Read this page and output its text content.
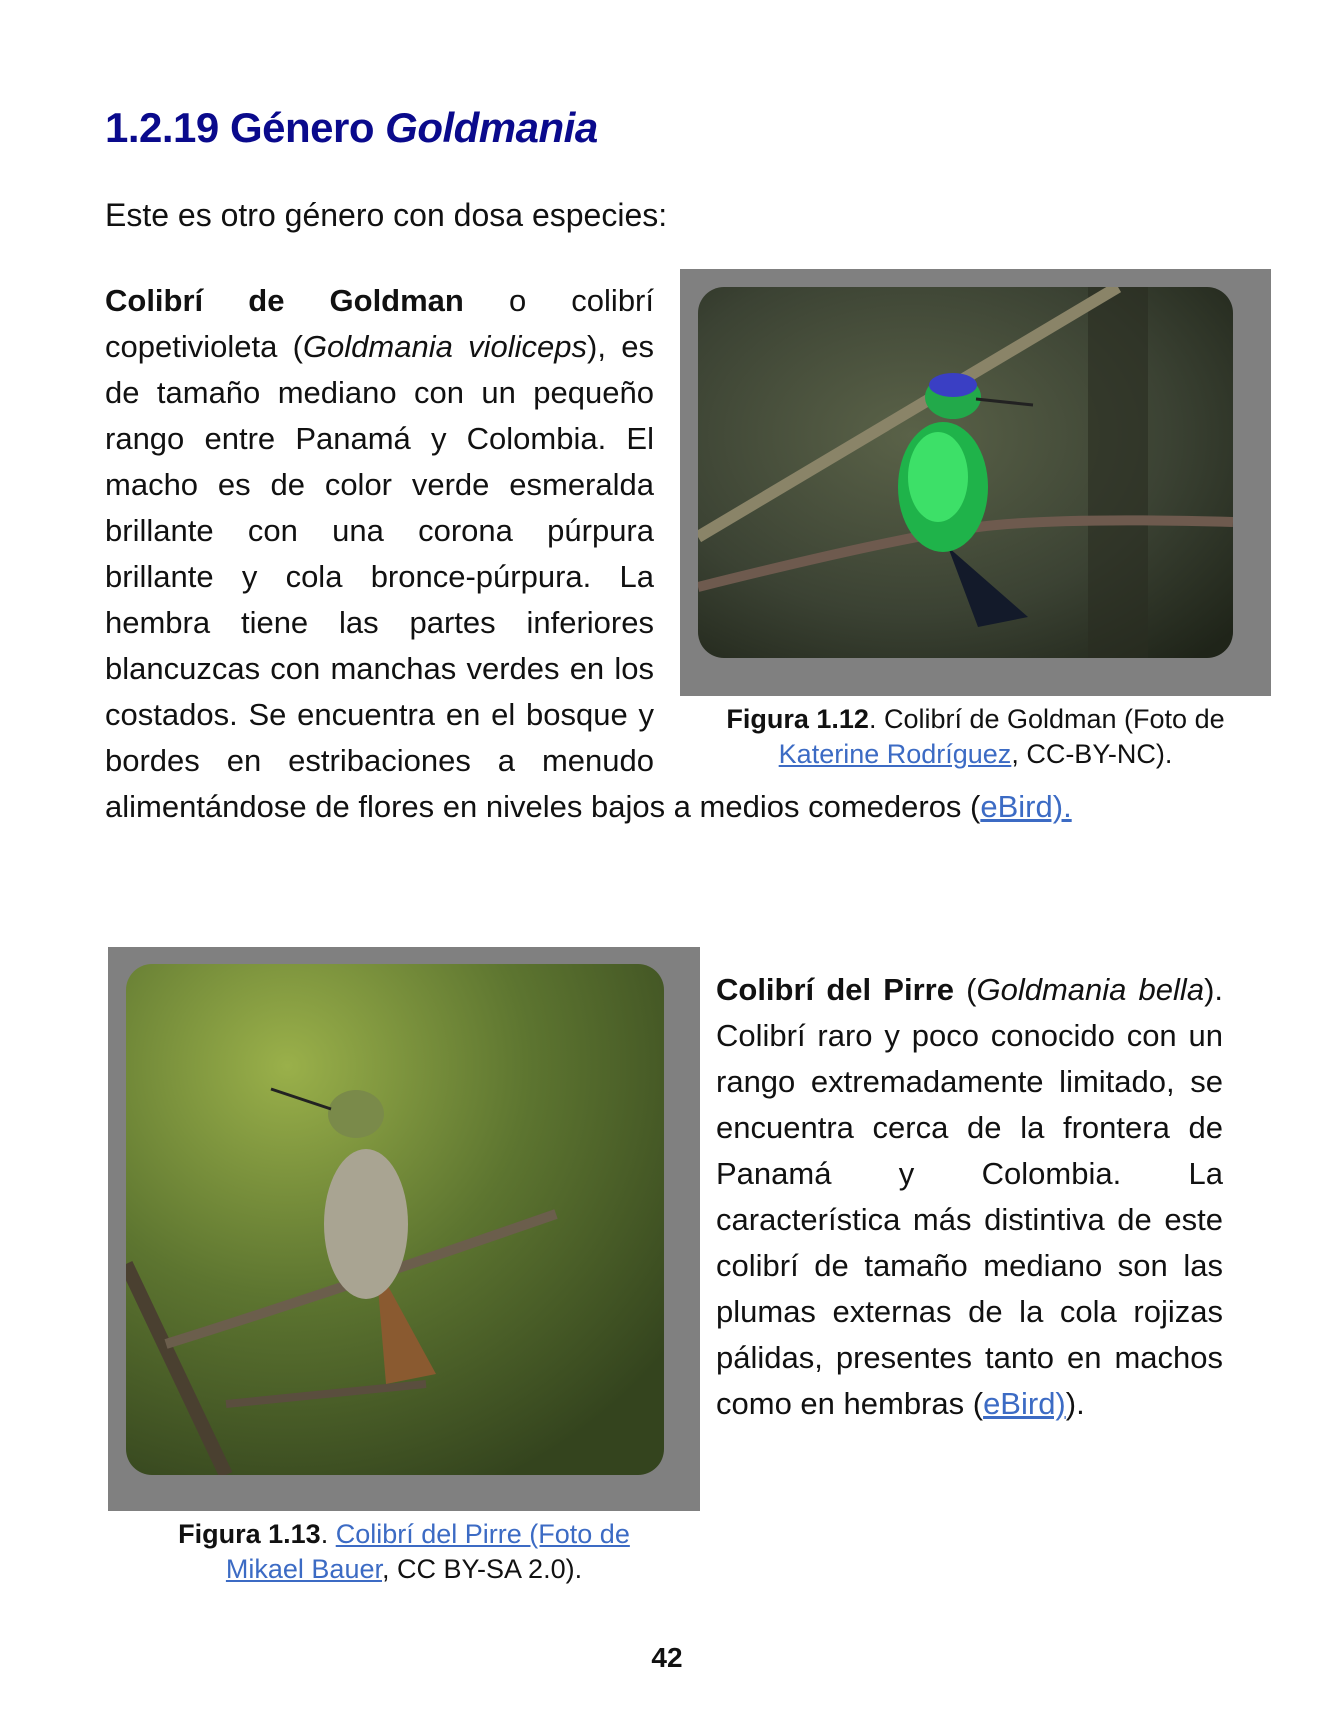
1.2.19 Género Goldmania
Este es otro género con dosa especies:
Figura 1.12. Colibrí de Goldman (Foto de Katerine Rodríguez, CC-BY-NC).
Colibrí de Goldman o colibrí copetivioleta (Goldmania violiceps), es de tamaño mediano con un pequeño rango entre Panamá y Colombia. El macho es de color verde esmeralda brillante con una corona púrpura brillante y cola bronce-púrpura. La hembra tiene las partes inferiores blancuzcas con manchas verdes en los costados. Se encuentra en el bosque y bordes en estribaciones a menudo alimentándose de flores en niveles bajos a medios comederos (eBird).
Figura 1.13. Colibrí del Pirre (Foto de
Mikael Bauer, CC BY-SA 2.0).

Colibrí del Pirre (Goldmania bella). Colibrí raro y poco conocido con un rango extremadamente limitado, se encuentra cerca de la frontera de Panamá y Colombia. La característica más distintiva de este colibrí de tamaño mediano son las plumas externas de la cola rojizas pálidas, presentes tanto en machos como en hembras (eBird)).

42
